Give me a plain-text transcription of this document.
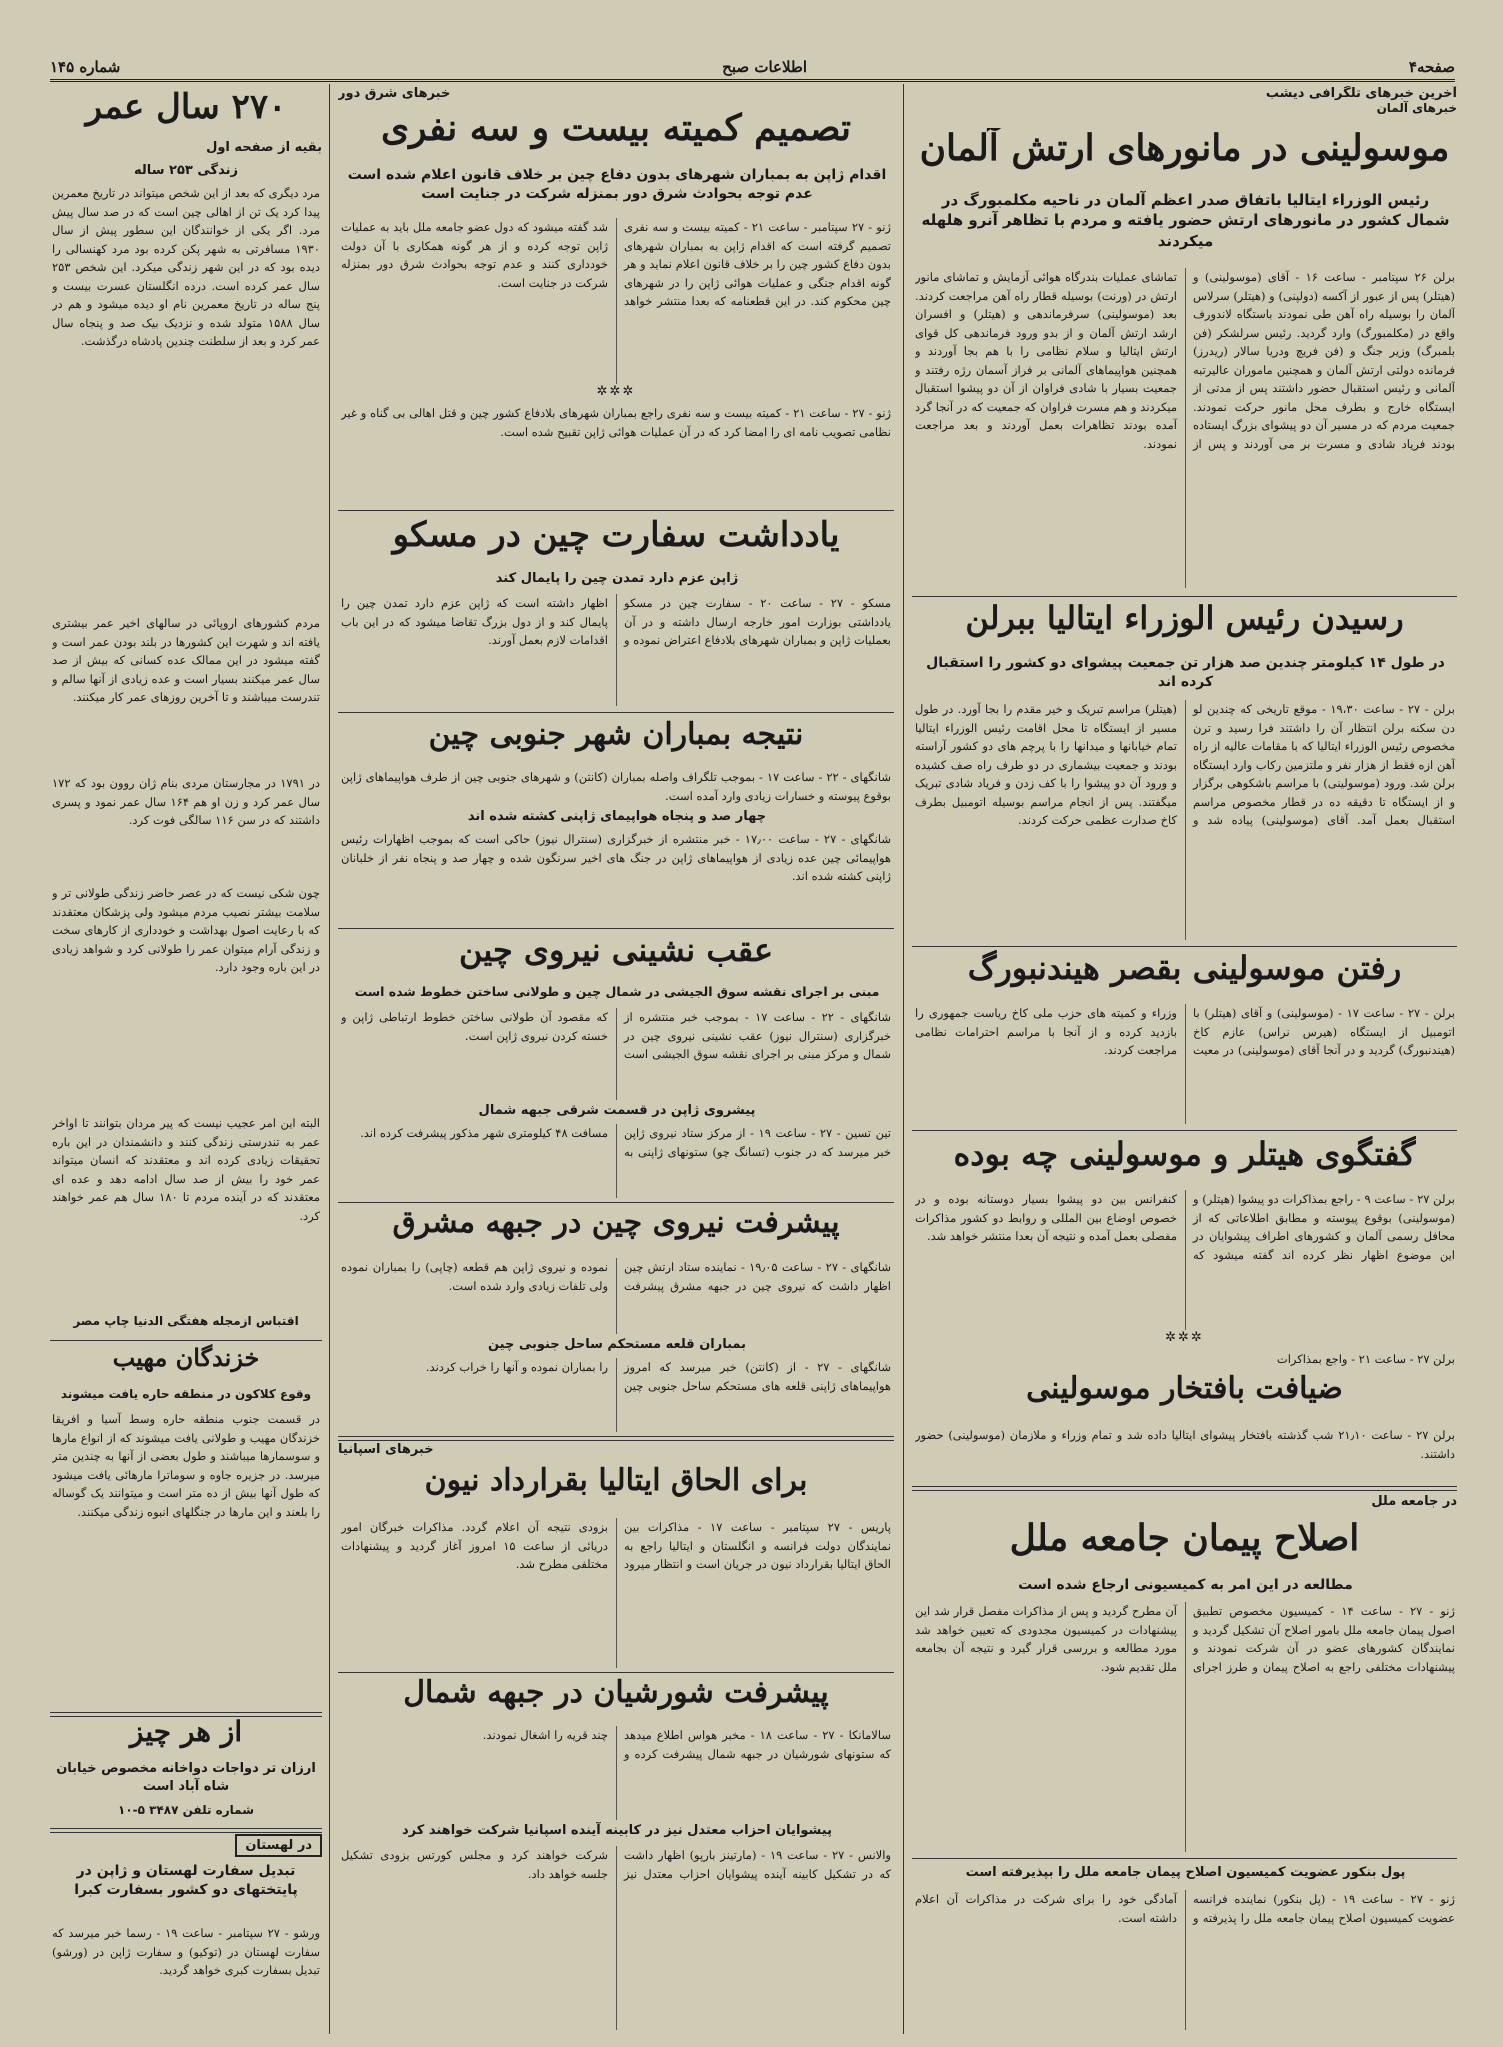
صفحه۴
اطلاعات صبح
شماره ۱۴۵
آخرین خبرهای تلگرافی دیشب
خبرهای آلمان
موسولینی در مانورهای ارتش آلمان
رئیس الوزراء ایتالیا باتفاق صدر اعظم آلمان در ناحیه مکلمبورگ در شمال کشور در مانورهای ارتش حضور یافته و مردم با تظاهر آنرو هلهله میکردند
برلن ۲۶ سپتامبر - ساعت ۱۶ - آقای (موسولینی) و (هیتلر) پس از عبور از آکسه (دولپنی) و (هیتلر) سرلاس آلمان را بوسیله راه آهن طی نمودند باستگاه لاندورف واقع در (مکلمبورگ) وارد گردید. رئیس سرلشکر (فن بلمبرگ) وزیر جنگ و (فن فریچ ودریا سالار (ریدرز) فرمانده دولتی ارتش آلمان و همچنین ماموران عالیرتبه آلمانی و رئیس استقبال حضور داشتند پس از مدتی از ایستگاه خارج و بطرف محل مانور حرکت نمودند. جمعیت مردم که در مسیر آن دو پیشوای بزرگ ایستاده بودند فریاد شادی و مسرت بر می آوردند و پس از تماشای عملیات بندرگاه هوائی آزمایش و تماشای مانور ارتش در (ورنت) بوسیله قطار راه آهن مراجعت کردند. بعد (موسولینی) سرفرماندهی و (هیتلر) و افسران ارشد ارتش آلمان و از بدو ورود فرماندهی کل قوای ارتش ایتالیا و سلام نظامی را با هم بجا آوردند و همچنین هواپیماهای آلمانی بر فراز آسمان رژه رفتند و جمعیت بسیار با شادی فراوان از آن دو پیشوا استقبال میکردند و هم مسرت فراوان که جمعیت که در آنجا گرد آمده بودند تظاهرات بعمل آوردند و بعد مراجعت نمودند.
رسیدن رئیس الوزراء ایتالیا ببرلن
در طول ۱۴ کیلومتر چندین صد هزار تن جمعیت پیشوای دو کشور را استقبال کرده اند
برلن - ۲۷ - ساعت ۱۹،۳۰ - موقع تاریخی که چندین لو دن سکنه برلن انتظار آن را داشتند فرا رسید و ترن مخصوص رئیس الوزراء ایتالیا که با مقامات عالیه از راه آهن ازه فقط از هزار نفر و ملتزمین رکاب وارد ایستگاه برلن شد. ورود (موسولینی) با مراسم باشکوهی برگزار و از ایستگاه تا دقیقه ده در قطار مخصوص مراسم استقبال بعمل آمد. آقای (موسولینی) پیاده شد و (هیتلر) مراسم تبریک و خیر مقدم را بجا آورد. در طول مسیر از ایستگاه تا محل اقامت رئیس الوزراء ایتالیا تمام خیابانها و میدانها را با پرچم های دو کشور آراسته بودند و جمعیت بیشماری در دو طرف راه صف کشیده و ورود آن دو پیشوا را با کف زدن و فریاد شادی تبریک میگفتند. پس از انجام مراسم بوسیله اتومبیل بطرف کاخ صدارت عظمی حرکت کردند.
رفتن موسولینی بقصر هیندنبورگ
برلن - ۲۷ - ساعت ۱۷ - (موسولینی) و آقای (هیتلر) با اتومبیل از ایستگاه (هیرس نراس) عازم کاخ (هیندنبورگ) گردید و در آنجا آقای (موسولینی) در معیت وزراء و کمیته های حزب ملی کاخ ریاست جمهوری را بازدید کرده و از آنجا با مراسم احترامات نظامی مراجعت کردند.
گفتگوی هیتلر و موسولینی چه بوده
برلن ۲۷ - ساعت ۹ - راجع بمذاکرات دو پیشوا (هیتلر) و (موسولینی) بوقوع پیوسته و مطابق اطلاعاتی که از محافل رسمی آلمان و کشورهای اطراف پیشوایان در این موضوع اظهار نظر کرده اند گفته میشود که کنفرانس بین دو پیشوا بسیار دوستانه بوده و در خصوص اوضاع بین المللی و روابط دو کشور مذاکرات مفصلی بعمل آمده و نتیجه آن بعدا منتشر خواهد شد.
✲✲✲
برلن ۲۷ - ساعت ۲۱ - واجع بمذاکرات
ضیافت بافتخار موسولینی
برلن ۲۷ - ساعت ۲۱٫۱۰ شب گذشته بافتخار پیشوای ایتالیا داده شد و تمام وزراء و ملازمان (موسولینی) حضور داشتند.
در جامعه ملل
اصلاح پیمان جامعه ملل
مطالعه در این امر به کمیسیونی ارجاع شده است
ژنو - ۲۷ - ساعت ۱۴ - کمیسیون مخصوص تطبیق اصول پیمان جامعه ملل بامور اصلاح آن تشکیل گردید و نمایندگان کشورهای عضو در آن شرکت نمودند و پیشنهادات مختلفی راجع به اصلاح پیمان و طرز اجرای آن مطرح گردید و پس از مذاکرات مفصل قرار شد این پیشنهادات در کمیسیون مجدودی که تعیین خواهد شد مورد مطالعه و بررسی قرار گیرد و نتیجه آن بجامعه ملل تقدیم شود.
پول بنکور عضویت کمیسیون اصلاح پیمان جامعه ملل را بپذیرفته است
ژنو - ۲۷ - ساعت ۱۹ - (پل بنکور) نماینده فرانسه عضویت کمیسیون اصلاح پیمان جامعه ملل را پذیرفته و آمادگی خود را برای شرکت در مذاکرات آن اعلام داشته است.
خبرهای شرق دور
تصمیم کمیته بیست و سه نفری
اقدام ژاپن به بمباران شهرهای بدون دفاع چین بر خلاف قانون اعلام شده است عدم توجه بحوادث شرق دور بمنزله شرکت در جنایت است
ژنو - ۲۷ سپتامبر - ساعت ۲۱ - کمیته بیست و سه نفری تصمیم گرفته است که اقدام ژاپن به بمباران شهرهای بدون دفاع کشور چین را بر خلاف قانون اعلام نماید و هر گونه اقدام جنگی و عملیات هوائی ژاپن را در شهرهای چین محکوم کند. در این قطعنامه که بعدا منتشر خواهد شد گفته میشود که دول عضو جامعه ملل باید به عملیات ژاپن توجه کرده و از هر گونه همکاری با آن دولت خودداری کنند و عدم توجه بحوادث شرق دور بمنزله شرکت در جنایت است.
✲✲✲
ژنو - ۲۷ - ساعت ۲۱ - کمیته بیست و سه نفری راجع بمباران شهرهای بلادفاع کشور چین و قتل اهالی بی گناه و غیر نظامی تصویب نامه ای را امضا کرد که در آن عملیات هوائی ژاپن تقبیح شده است.
یادداشت سفارت چین در مسکو
ژاپن عزم دارد تمدن چین را پایمال کند
مسکو - ۲۷ - ساعت ۲۰ - سفارت چین در مسکو یادداشتی بوزارت امور خارجه ارسال داشته و در آن بعملیات ژاپن و بمباران شهرهای بلادفاع اعتراض نموده و اظهار داشته است که ژاپن عزم دارد تمدن چین را پایمال کند و از دول بزرگ تقاضا میشود که در این باب اقدامات لازم بعمل آورند.
نتیجه بمباران شهر جنوبی چین
شانگهای - ۲۲ - ساعت ۱۷ - بموجب تلگراف واصله بمباران (کانتن) و شهرهای جنوبی چین از طرف هواپیماهای ژاپن بوقوع پیوسته و خسارات زیادی وارد آمده است.
چهار صد و پنجاه هواپیمای ژاپنی کشته شده اند
شانگهای - ۲۷ - ساعت ۱۷٫۰۰ - خبر منتشره از خبرگزاری (سنترال نیوز) حاکی است که بموجب اظهارات رئیس هواپیمائی چین عده زیادی از هواپیماهای ژاپن در جنگ های اخیر سرنگون شده و چهار صد و پنجاه نفر از خلبانان ژاپنی کشته شده اند.
عقب نشینی نیروی چین
مبنی بر اجرای نقشه سوق الجیشی در شمال چین و طولانی ساختن خطوط شده است
شانگهای - ۲۲ - ساعت ۱۷ - بموجب خبر منتشره از خبرگزاری (سنترال نیوز) عقب نشینی نیروی چین در شمال و مرکز مبنی بر اجرای نقشه سوق الجیشی است که مقصود آن طولانی ساختن خطوط ارتباطی ژاپن و خسته کردن نیروی ژاپن است.
پیشروی ژاپن در قسمت شرقی جبهه شمال
تین تسین - ۲۷ - ساعت ۱۹ - از مرکز ستاد نیروی ژاپن خبر میرسد که در جنوب (تسانگ چو) ستونهای ژاپنی به مسافت ۴۸ کیلومتری شهر مذکور پیشرفت کرده اند.
پیشرفت نیروی چین در جبهه مشرق
شانگهای - ۲۷ - ساعت ۱۹٫۰۵ - نماینده ستاد ارتش چین اظهار داشت که نیروی چین در جبهه مشرق پیشرفت نموده و نیروی ژاپن هم قطعه (چاپی) را بمباران نموده ولی تلفات زیادی وارد شده است.
بمباران قلعه مستحکم ساحل جنوبی چین
شانگهای - ۲۷ - از (کانتن) خبر میرسد که امروز هواپیماهای ژاپنی قلعه های مستحکم ساحل جنوبی چین را بمباران نموده و آنها را خراب کردند.
خبرهای اسپانیا
برای الحاق ایتالیا بقرارداد نیون
پاریس - ۲۷ سپتامبر - ساعت ۱۷ - مذاکرات بین نمایندگان دولت فرانسه و انگلستان و ایتالیا راجع به الحاق ایتالیا بقرارداد نیون در جریان است و انتظار میرود بزودی نتیجه آن اعلام گردد. مذاکرات خبرگان امور دریائی از ساعت ۱۵ امروز آغاز گردید و پیشنهادات مختلفی مطرح شد.
پیشرفت شورشیان در جبهه شمال
سالامانکا - ۲۷ - ساعت ۱۸ - مخبر هواس اطلاع میدهد که ستونهای شورشیان در جبهه شمال پیشرفت کرده و چند قریه را اشغال نمودند.
پیشوایان احزاب معتدل نیز در کابینه آینده اسپانیا شرکت خواهند کرد
والانس - ۲۷ - ساعت ۱۹ - (مارتینز بارپو) اظهار داشت که در تشکیل کابینه آینده پیشوایان احزاب معتدل نیز شرکت خواهند کرد و مجلس کورتس بزودی تشکیل جلسه خواهد داد.
۲۷۰ سال عمر
بقیه از صفحه اول
زندگی ۲۵۳ ساله
مرد دیگری که بعد از این شخص میتواند در تاریخ معمرین پیدا کرد یک تن از اهالی چین است که در صد سال پیش مرد. اگر یکی از خوانندگان این سطور پیش از سال ۱۹۳۰ مسافرتی به شهر پکن کرده بود مرد کهنسالی را دیده بود که در این شهر زندگی میکرد. این شخص ۲۵۳ سال عمر کرده است. درده انگلستان عسرت بیست و پنج ساله در تاریخ معمرین نام او دیده میشود و هم در سال ۱۵۸۸ متولد شده و نزدیک بیک صد و پنجاه سال عمر کرد و بعد از سلطنت چندین پادشاه درگذشت.
مردم کشورهای اروپائی در سالهای اخیر عمر بیشتری یافته اند و شهرت این کشورها در بلند بودن عمر است و گفته میشود در این ممالک عده کسانی که بیش از صد سال عمر میکنند بسیار است و عده زیادی از آنها سالم و تندرست میباشند و تا آخرین روزهای عمر کار میکنند.
در ۱۷۹۱ در مجارستان مردی بنام ژان روون بود که ۱۷۲ سال عمر کرد و زن او هم ۱۶۴ سال عمر نمود و پسری داشتند که در سن ۱۱۶ سالگی فوت کرد.
چون شکی نیست که در عصر حاضر زندگی طولانی تر و سلامت بیشتر نصیب مردم میشود ولی پزشکان معتقدند که با رعایت اصول بهداشت و خودداری از کارهای سخت و زندگی آرام میتوان عمر را طولانی کرد و شواهد زیادی در این باره وجود دارد.
البته این امر عجیب نیست که پیر مردان بتوانند تا اواخر عمر به تندرستی زندگی کنند و دانشمندان در این باره تحقیقات زیادی کرده اند و معتقدند که انسان میتواند عمر خود را بیش از صد سال ادامه دهد و عده ای معتقدند که در آینده مردم تا ۱۸۰ سال هم عمر خواهند کرد.
اقتباس ازمجله هفتگی الدنیا چاپ مصر
خزندگان مهیب
وقوع کلاکون در منطقه حاره یافت میشوند
در قسمت جنوب منطقه حاره وسط آسیا و افریقا خزندگان مهیب و طولانی یافت میشوند که از انواع مارها و سوسمارها میباشند و طول بعضی از آنها به چندین متر میرسد. در جزیره جاوه و سوماترا مارهائی یافت میشود که طول آنها بیش از ده متر است و میتوانند یک گوساله را بلعند و این مارها در جنگلهای انبوه زندگی میکنند.
از هر چیز
ارزان تر دواجات دواخانه مخصوص خیابان شاه آباد است
شماره تلفن ۳۴۸۷ ۵-۱۰
در لهستان
تبدیل سفارت لهستان و ژاپن در پایتختهای دو کشور بسفارت کبرا
ورشو - ۲۷ سپتامبر - ساعت ۱۹ - رسما خبر میرسد که سفارت لهستان در (توکیو) و سفارت ژاپن در (ورشو) تبدیل بسفارت کبری خواهد گردید.
